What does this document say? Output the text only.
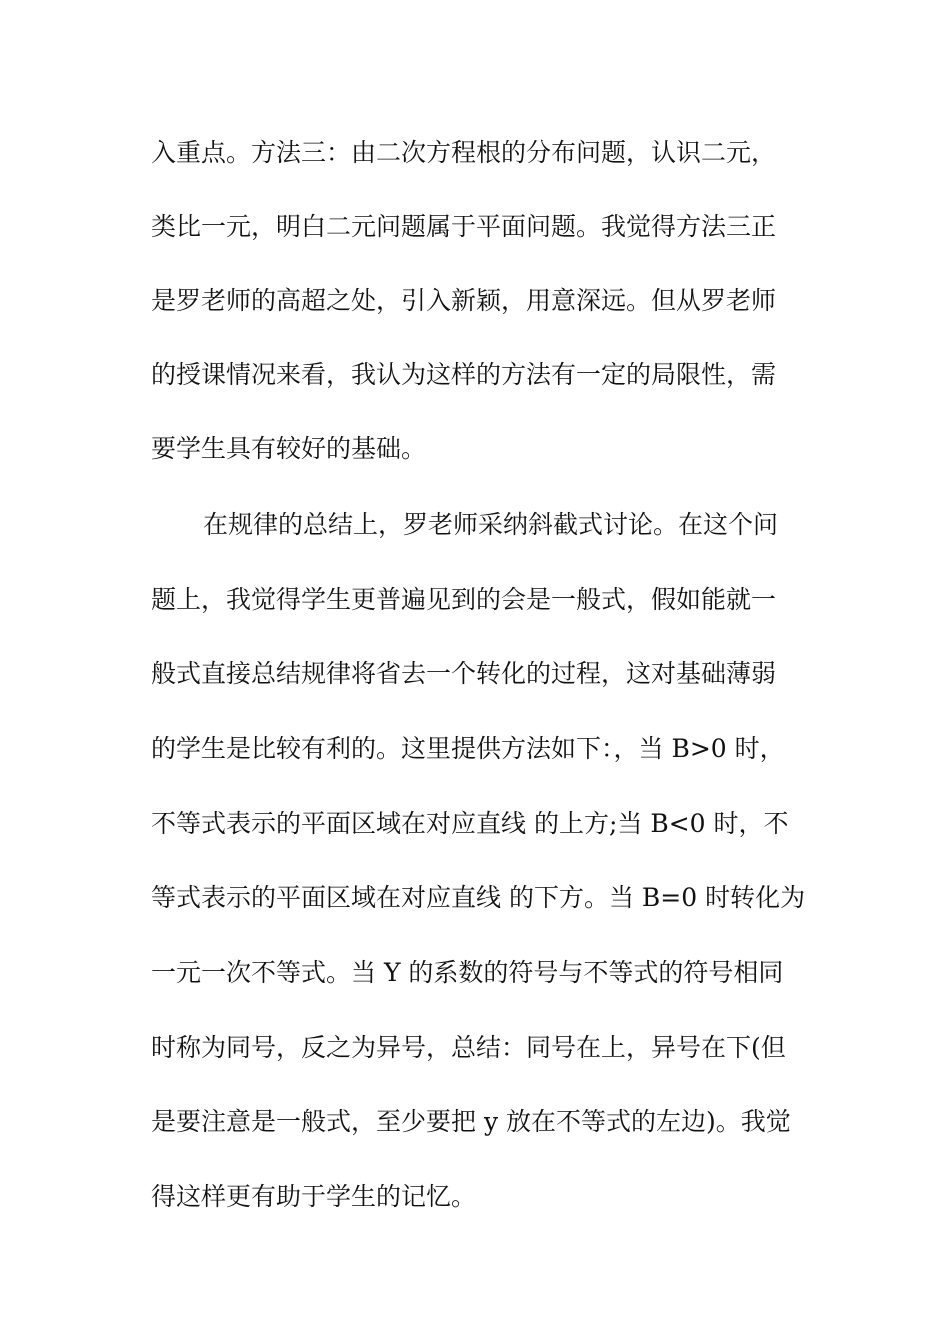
入重点。方法三：由二次方程根的分布问题，认识二元，
类比一元，明白二元问题属于平面问题。我觉得方法三正
是罗老师的高超之处，引入新颖，用意深远。但从罗老师
的授课情况来看，我认为这样的方法有一定的局限性，需
要学生具有较好的基础。
在规律的总结上，罗老师采纳斜截式讨论。在这个问
题上，我觉得学生更普遍见到的会是一般式，假如能就一
般式直接总结规律将省去一个转化的过程，这对基础薄弱
的学生是比较有利的。这里提供方法如下：，当 B>0 时，
不等式表示的平面区域在对应直线 的上方;当 B<0 时，不
等式表示的平面区域在对应直线 的下方。当 B=0 时转化为
一元一次不等式。当 Y 的系数的符号与不等式的符号相同
时称为同号，反之为异号，总结：同号在上，异号在下(但
是要注意是一般式，至少要把 y 放在不等式的左边)。我觉
得这样更有助于学生的记忆。
